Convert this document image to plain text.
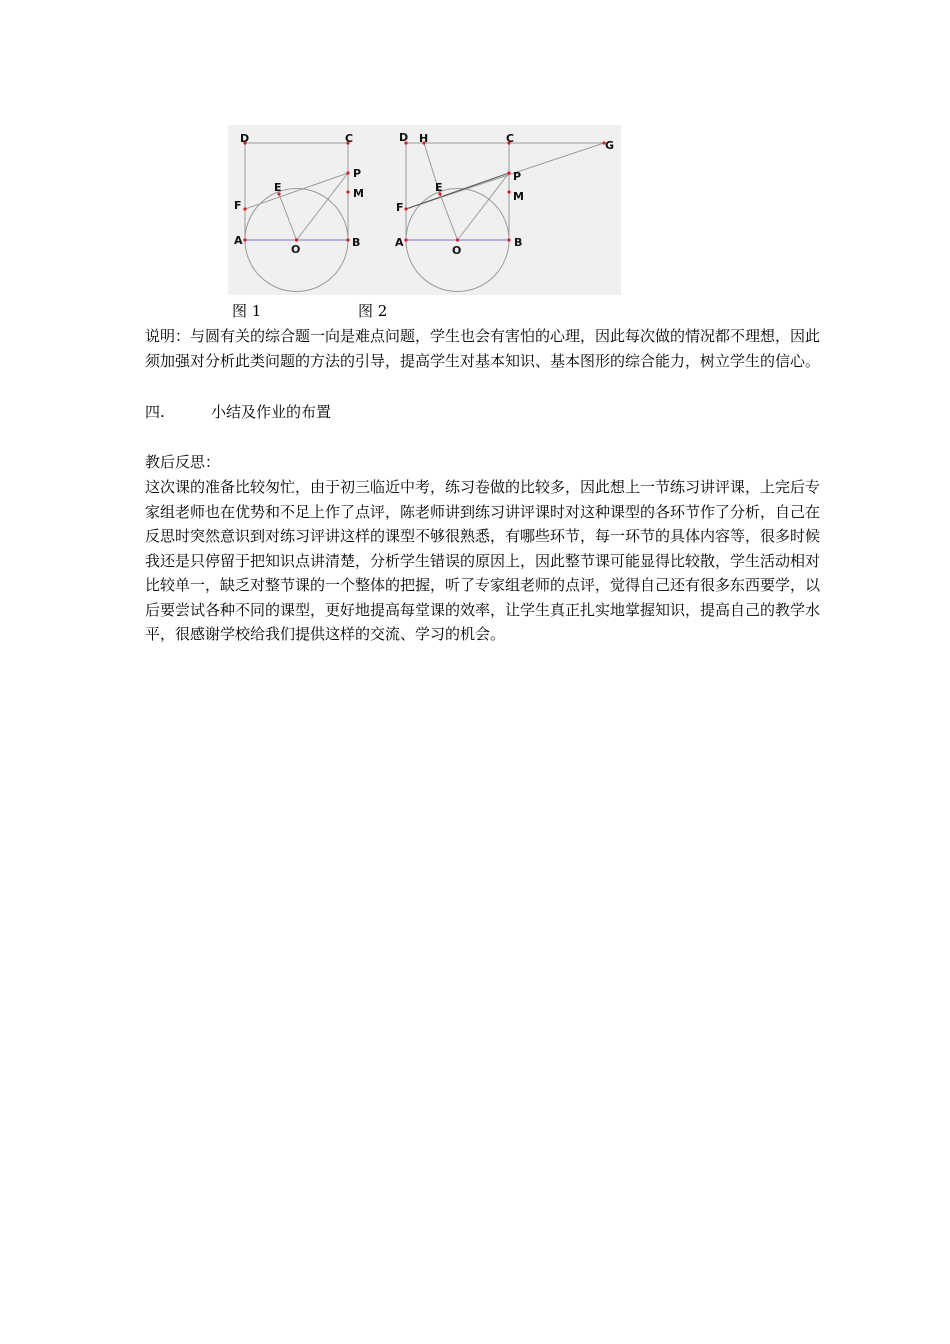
D	C
P
M
E
F
A
O
B
D H	C
G
P
M
E
F
A
O
B
图 1	图 2
说明：与圆有关的综合题一向是难点问题，学生也会有害怕的心理，因此每次做的情况都不理想，因此须加强对分析此类问题的方法的引导，提高学生对基本知识、基本图形的综合能力，树立学生的信心。
四.	小结及作业的布置
教后反思：
这次课的准备比较匆忙，由于初三临近中考，练习卷做的比较多，因此想上一节练习讲评课，上完后专家组老师也在优势和不足上作了点评，陈老师讲到练习讲评课时对这种课型的各环节作了分析，自己在反思时突然意识到对练习评讲这样的课型不够很熟悉，有哪些环节，每一环节的具体内容等，很多时候我还是只停留于把知识点讲清楚，分析学生错误的原因上，因此整节课可能显得比较散，学生活动相对比较单一，缺乏对整节课的一个整体的把握，听了专家组老师的点评，觉得自己还有很多东西要学，以后要尝试各种不同的课型，更好地提高每堂课的效率，让学生真正扎实地掌握知识，提高自己的教学水平，很感谢学校给我们提供这样的交流、学习的机会。
